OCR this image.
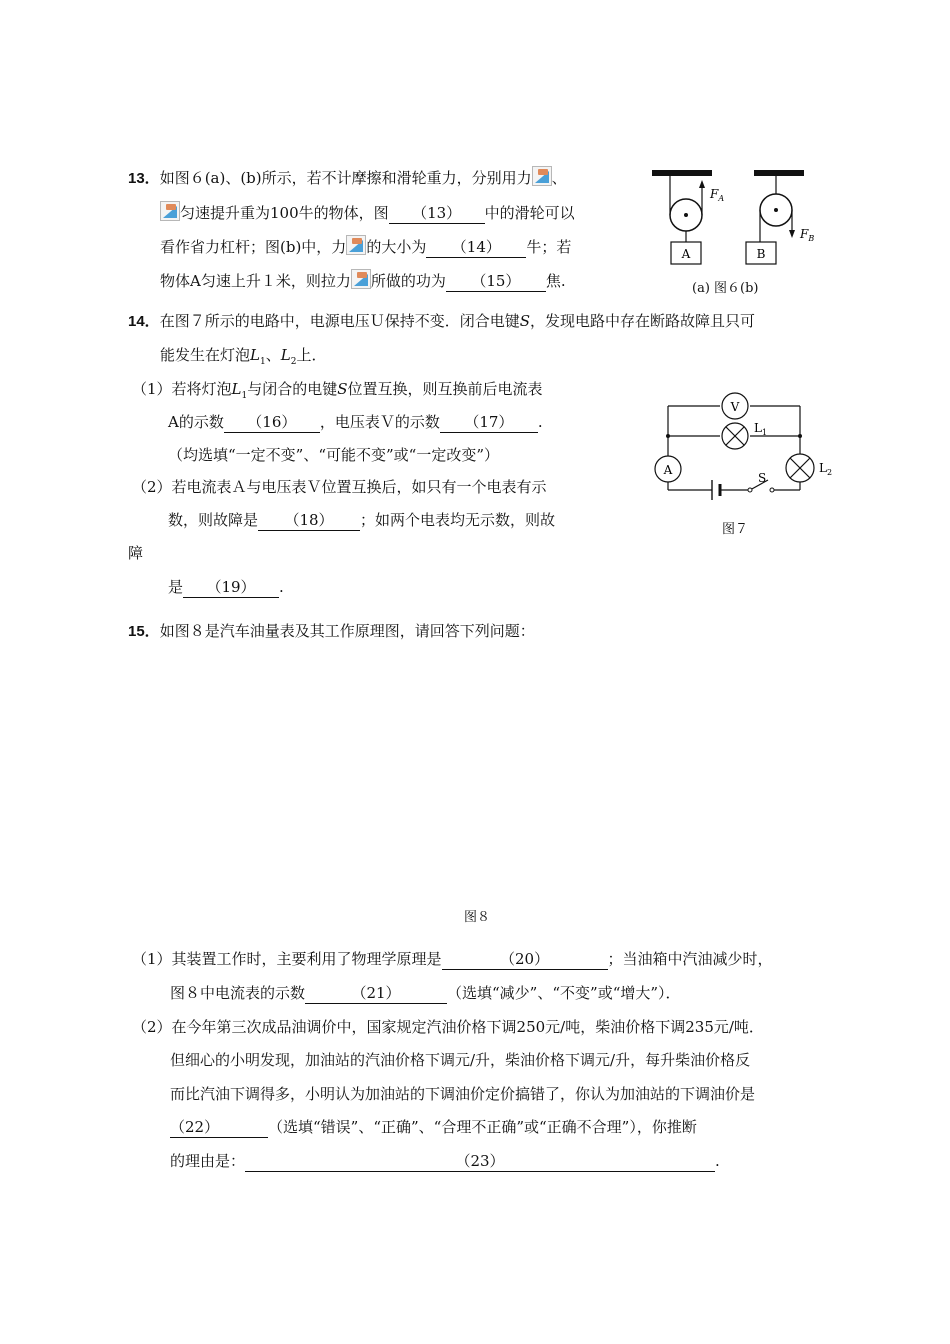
13．如图６(a)、(b)所示，若不计摩擦和滑轮重力，分别用力 、
匀速提升重为100牛的物体，图 （13） 中的滑轮可以
看作省力杠杆；图(b)中，力 的大小为 （14） 牛；若
物体A匀速上升１米，则拉力 所做的功为 （15） 焦.
$F_A$
A
$F_B$
B
(a) 图６(b)
14．在图７所示的电路中，电源电压Ｕ保持不变．闭合电键S，发现电路中存在断路故障且只可
能发生在灯泡$L_1$、$L_2$上．
（1）若将灯泡$L_1$与闭合的电键S位置互换，则互换前后电流表
A的示数 （16） ，电压表Ｖ的示数 （17） .
（均选填“一定不变”、“可能不变”或“一定改变”）
（2）若电流表Ａ与电压表Ｖ位置互换后，如只有一个电表有示
数，则故障是 （18） ；如两个电表均无示数，则故
障
是 （19） .
V
$L_1$
A	$L_2$
S
图７
15．如图８是汽车油量表及其工作原理图，请回答下列问题：
图８
（1）其装置工作时，主要利用了物理学原理是	（20）	；当油箱中汽油减少时，
图８中电流表的示数	（21）	（选填“减少”、“不变”或“增大”）．
（2）在今年第三次成品油调价中，国家规定汽油价格下调250元/吨，柴油价格下调235元/吨．
但细心的小明发现，加油站的汽油价格下调元/升，柴油价格下调元/升，每升柴油价格反
而比汽油下调得多，小明认为加油站的下调油价定价搞错了，你认为加油站的下调油价是
（22）	（选填“错误”、“正确”、“合理不正确”或“正确不合理”），你推断
的理由是：	（23）	.
